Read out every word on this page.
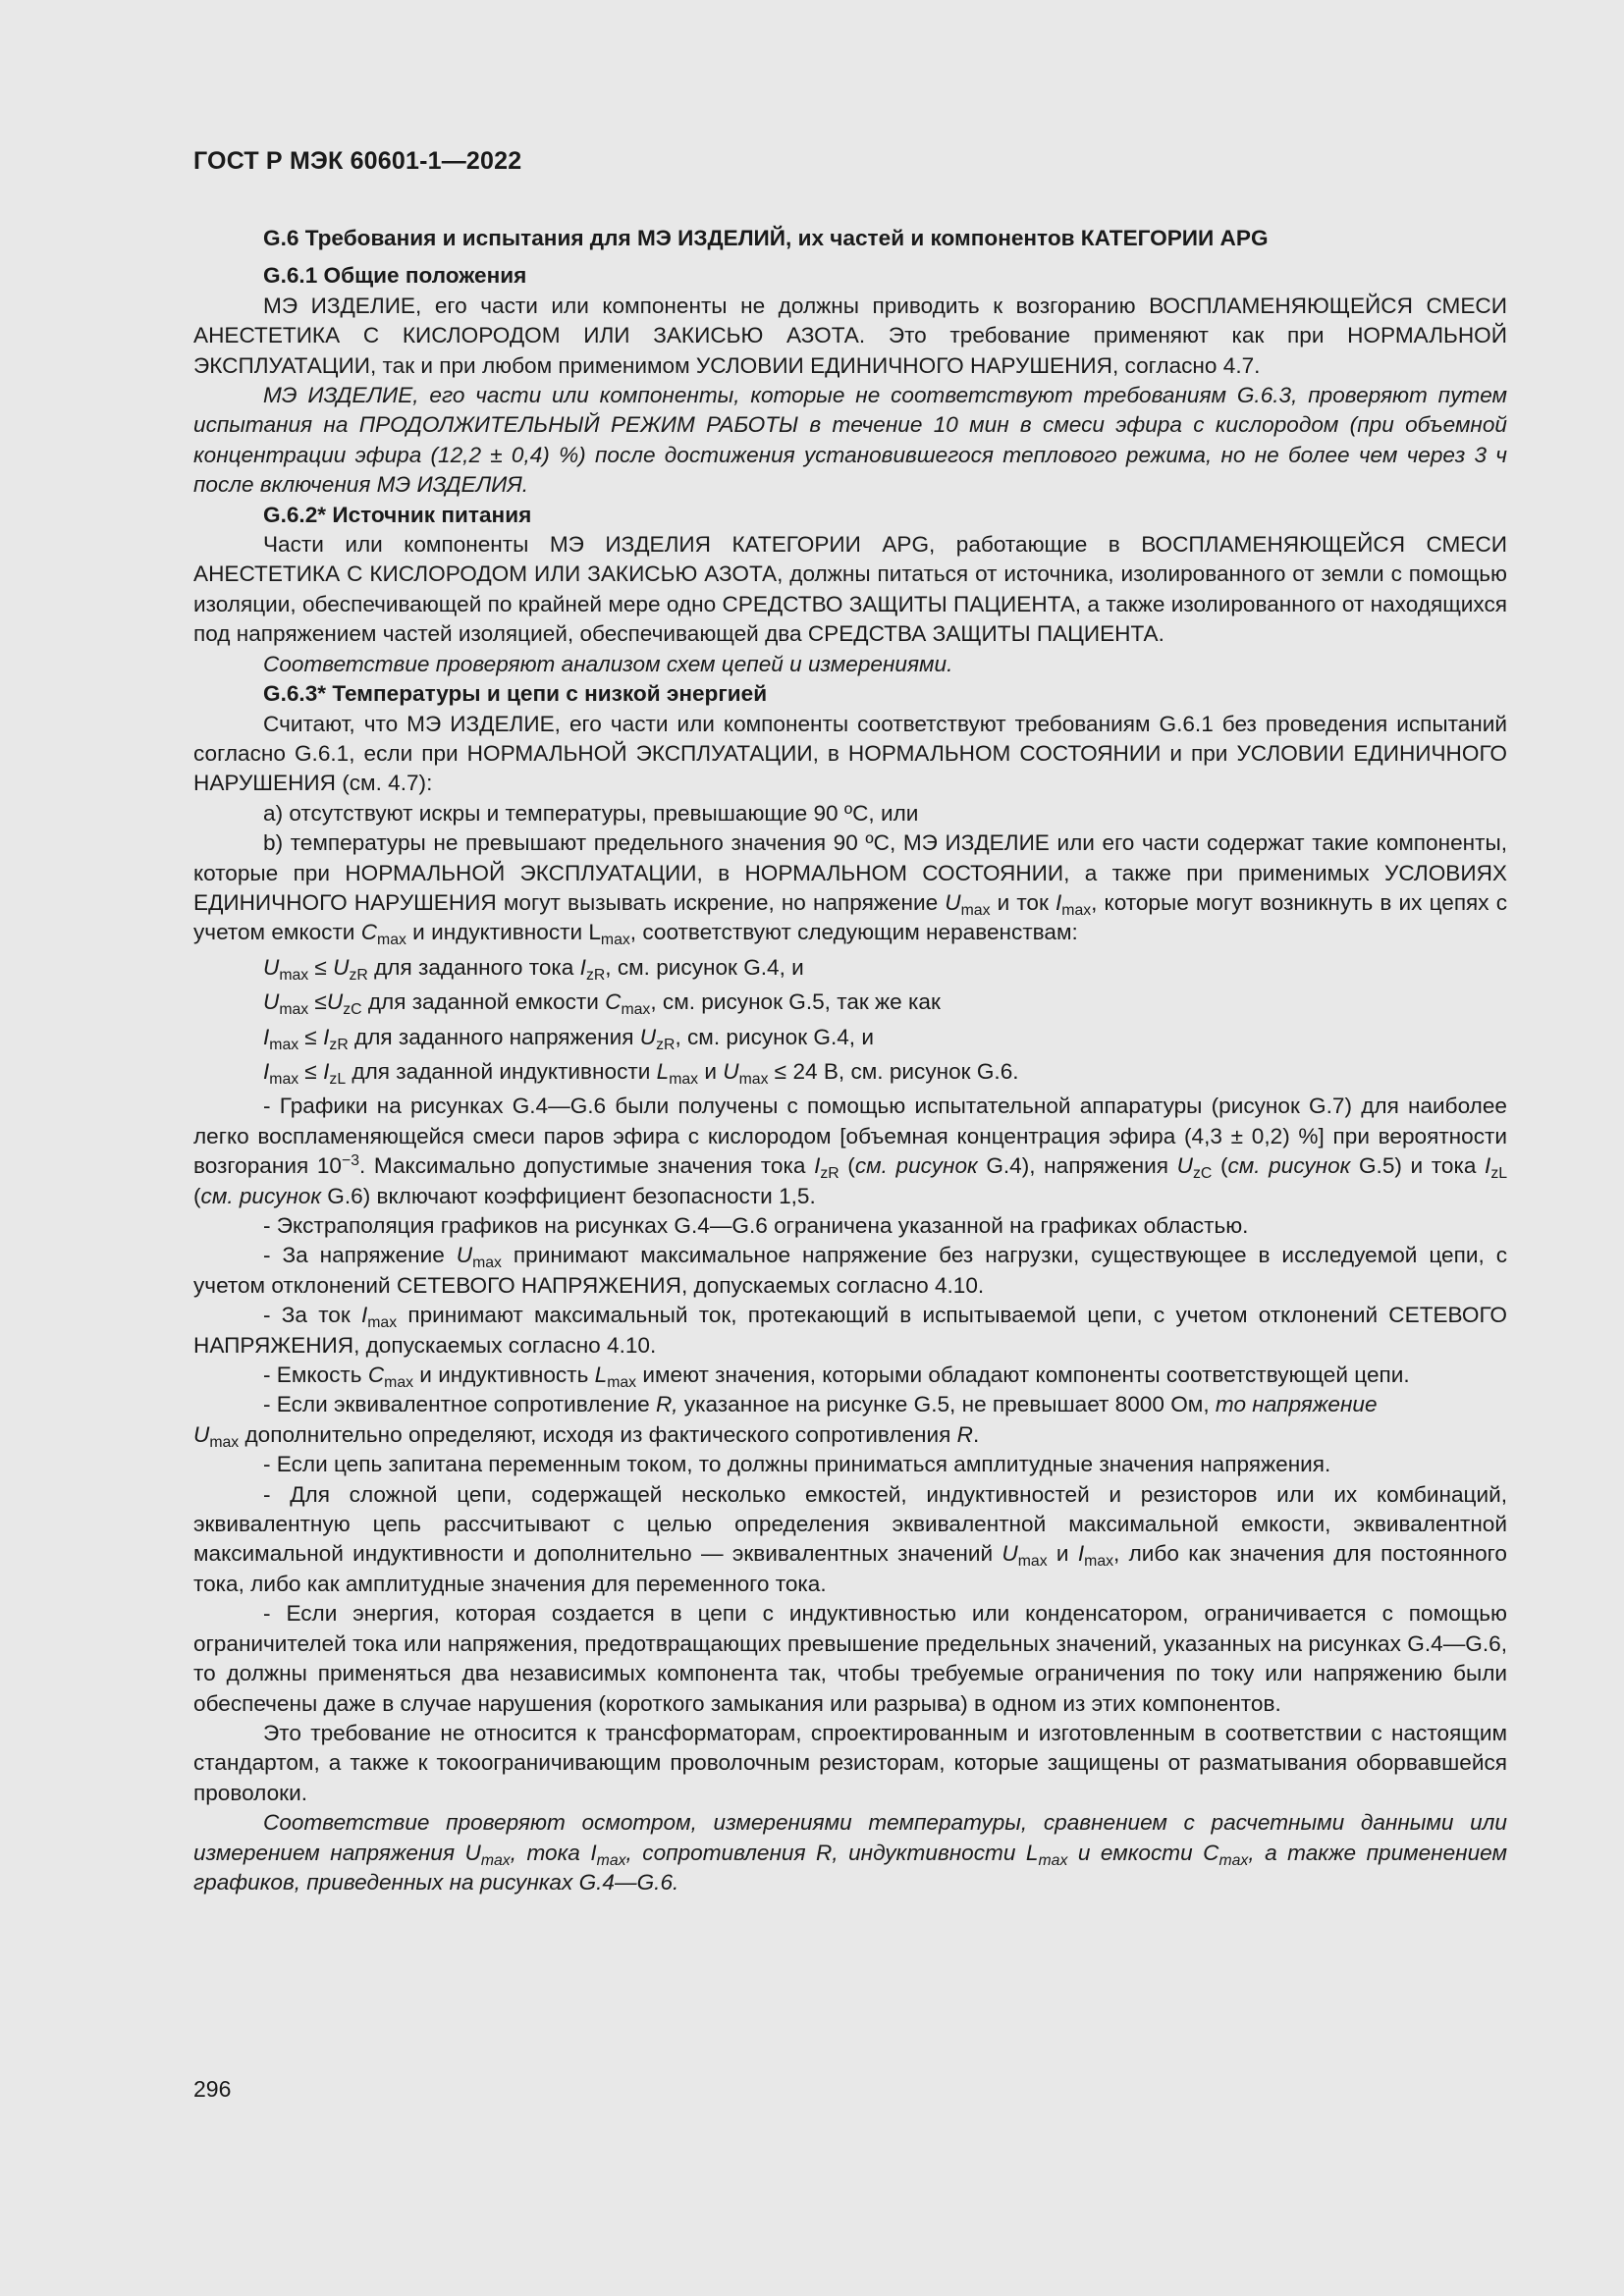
ГОСТ Р МЭК 60601-1—2022

G.6 Требования и испытания для МЭ ИЗДЕЛИЙ, их частей и компонентов КАТЕГОРИИ APG

G.6.1 Общие положения

МЭ ИЗДЕЛИЕ, его части или компоненты не должны приводить к возгоранию ВОСПЛАМЕНЯЮЩЕЙСЯ СМЕСИ АНЕСТЕТИКА С КИСЛОРОДОМ ИЛИ ЗАКИСЬЮ АЗОТА. Это требование применяют как при НОРМАЛЬНОЙ ЭКСПЛУАТАЦИИ, так и при любом применимом УСЛОВИИ ЕДИНИЧНОГО НАРУШЕНИЯ, согласно 4.7.

МЭ ИЗДЕЛИЕ, его части или компоненты, которые не соответствуют требованиям G.6.3, проверяют путем испытания на ПРОДОЛЖИТЕЛЬНЫЙ РЕЖИМ РАБОТЫ в течение 10 мин в смеси эфира с кислородом (при объемной концентрации эфира (12,2 ± 0,4) %) после достижения установившегося теплового режима, но не более чем через 3 ч после включения МЭ ИЗДЕЛИЯ.

G.6.2* Источник питания

Части или компоненты МЭ ИЗДЕЛИЯ КАТЕГОРИИ APG, работающие в ВОСПЛАМЕНЯЮЩЕЙСЯ СМЕСИ АНЕСТЕТИКА С КИСЛОРОДОМ ИЛИ ЗАКИСЬЮ АЗОТА, должны питаться от источника, изолированного от земли с помощью изоляции, обеспечивающей по крайней мере одно СРЕДСТВО ЗАЩИТЫ ПАЦИЕНТА, а также изолированного от находящихся под напряжением частей изоляцией, обеспечивающей два СРЕДСТВА ЗАЩИТЫ ПАЦИЕНТА.

Соответствие проверяют анализом схем цепей и измерениями.

G.6.3* Температуры и цепи с низкой энергией

Считают, что МЭ ИЗДЕЛИЕ, его части или компоненты соответствуют требованиям G.6.1 без проведения испытаний согласно G.6.1, если при НОРМАЛЬНОЙ ЭКСПЛУАТАЦИИ, в НОРМАЛЬНОМ СОСТОЯНИИ и при УСЛОВИИ ЕДИНИЧНОГО НАРУШЕНИЯ (см. 4.7):

a) отсутствуют искры и температуры, превышающие 90 ºС, или

b) температуры не превышают предельного значения 90 ºС, МЭ ИЗДЕЛИЕ или его части содержат такие компоненты, которые при НОРМАЛЬНОЙ ЭКСПЛУАТАЦИИ, в НОРМАЛЬНОМ СОСТОЯНИИ, а также при применимых УСЛОВИЯХ ЕДИНИЧНОГО НАРУШЕНИЯ могут вызывать искрение, но напряжение $U_{max}$ и ток $I_{max}$, которые могут возникнуть в их цепях с учетом емкости $C_{max}$ и индуктивности $L_{max}$, соответствуют следующим неравенствам:

$U_{max} \le U_{zR}$ для заданного тока $I_{zR}$, см. рисунок G.4, и

$U_{max} \le U_{zC}$ для заданной емкости $C_{max}$, см. рисунок G.5, так же как

$I_{max} \le I_{zR}$ для заданного напряжения $U_{zR}$, см. рисунок G.4, и

$I_{max} \le I_{zL}$ для заданной индуктивности $L_{max}$ и $U_{max} \le 24$ В, см. рисунок G.6.

- Графики на рисунках G.4—G.6 были получены с помощью испытательной аппаратуры (рисунок G.7) для наиболее легко воспламеняющейся смеси паров эфира с кислородом [объемная концентрация эфира (4,3 ± 0,2) %] при вероятности возгорания $10^{-3}$. Максимально допустимые значения тока $I_{zR}$ (см. рисунок G.4), напряжения $U_{zC}$ (см. рисунок G.5) и тока $I_{zL}$ (см. рисунок G.6) включают коэффициент безопасности 1,5.

- Экстраполяция графиков на рисунках G.4—G.6 ограничена указанной на графиках областью.

- За напряжение $U_{max}$ принимают максимальное напряжение без нагрузки, существующее в исследуемой цепи, с учетом отклонений СЕТЕВОГО НАПРЯЖЕНИЯ, допускаемых согласно 4.10.

- За ток $I_{max}$ принимают максимальный ток, протекающий в испытываемой цепи, с учетом отклонений СЕТЕВОГО НАПРЯЖЕНИЯ, допускаемых согласно 4.10.

- Емкость $C_{max}$ и индуктивность $L_{max}$ имеют значения, которыми обладают компоненты соответствующей цепи.

- Если эквивалентное сопротивление R, указанное на рисунке G.5, не превышает 8000 Ом, то напряжение
$U_{max}$ дополнительно определяют, исходя из фактического сопротивления R.

- Если цепь запитана переменным током, то должны приниматься амплитудные значения напряжения.

- Для сложной цепи, содержащей несколько емкостей, индуктивностей и резисторов или их комбинаций, эквивалентную цепь рассчитывают с целью определения эквивалентной максимальной емкости, эквивалентной максимальной индуктивности и дополнительно — эквивалентных значений $U_{max}$ и $I_{max}$, либо как значения для постоянного тока, либо как амплитудные значения для переменного тока.

- Если энергия, которая создается в цепи с индуктивностью или конденсатором, ограничивается с помощью ограничителей тока или напряжения, предотвращающих превышение предельных значений, указанных на рисунках G.4—G.6, то должны применяться два независимых компонента так, чтобы требуемые ограничения по току или напряжению были обеспечены даже в случае нарушения (короткого замыкания или разрыва) в одном из этих компонентов.

Это требование не относится к трансформаторам, спроектированным и изготовленным в соответствии с настоящим стандартом, а также к токоограничивающим проволочным резисторам, которые защищены от разматывания оборвавшейся проволоки.

Соответствие проверяют осмотром, измерениями температуры, сравнением с расчетными данными или измерением напряжения $U_{max}$, тока $I_{max}$, сопротивления R, индуктивности $L_{max}$ и емкости $C_{max}$, а также применением графиков, приведенных на рисунках G.4—G.6.

296
